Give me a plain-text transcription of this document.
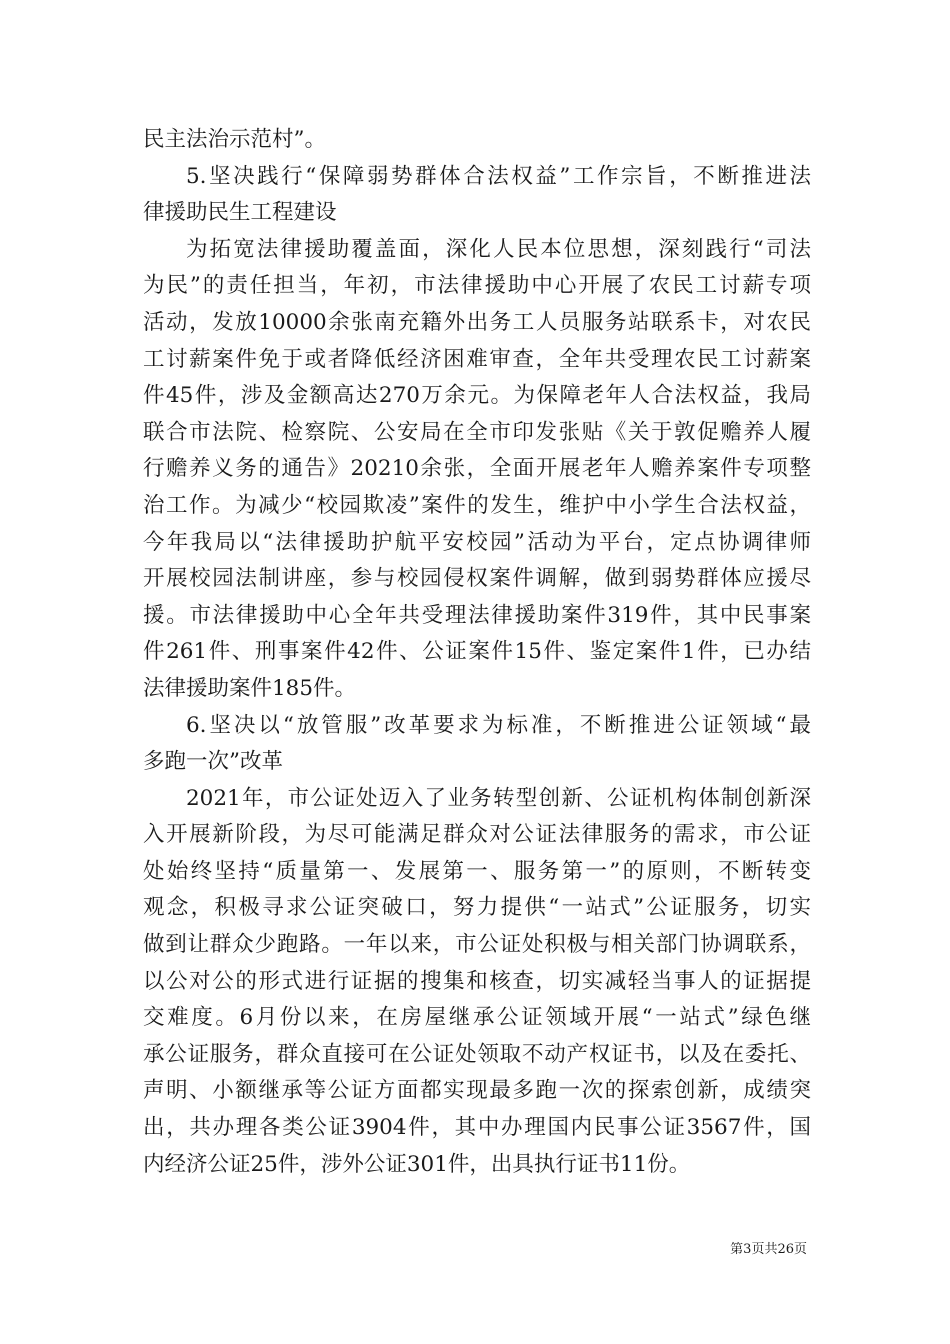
民主法治示范村”。
5.坚决践行“保障弱势群体合法权益”工作宗旨，不断推进法
律援助民生工程建设
为拓宽法律援助覆盖面，深化人民本位思想，深刻践行“司法
为民”的责任担当，年初，市法律援助中心开展了农民工讨薪专项
活动，发放10000余张南充籍外出务工人员服务站联系卡，对农民
工讨薪案件免于或者降低经济困难审查，全年共受理农民工讨薪案
件45件，涉及金额高达270万余元。为保障老年人合法权益，我局
联合市法院、检察院、公安局在全市印发张贴《关于敦促赡养人履
行赡养义务的通告》20210余张，全面开展老年人赡养案件专项整
治工作。为减少“校园欺凌”案件的发生，维护中小学生合法权益，
今年我局以“法律援助护航平安校园”活动为平台，定点协调律师
开展校园法制讲座，参与校园侵权案件调解，做到弱势群体应援尽
援。市法律援助中心全年共受理法律援助案件319件，其中民事案
件261件、刑事案件42件、公证案件15件、鉴定案件1件，已办结
法律援助案件185件。
6.坚决以“放管服”改革要求为标准，不断推进公证领域“最
多跑一次”改革
2021年，市公证处迈入了业务转型创新、公证机构体制创新深
入开展新阶段，为尽可能满足群众对公证法律服务的需求，市公证
处始终坚持“质量第一、发展第一、服务第一”的原则，不断转变
观念，积极寻求公证突破口，努力提供“一站式”公证服务，切实
做到让群众少跑路。一年以来，市公证处积极与相关部门协调联系，
以公对公的形式进行证据的搜集和核查，切实减轻当事人的证据提
交难度。6月份以来，在房屋继承公证领域开展“一站式”绿色继
承公证服务，群众直接可在公证处领取不动产权证书，以及在委托、
声明、小额继承等公证方面都实现最多跑一次的探索创新，成绩突
出，共办理各类公证3904件，其中办理国内民事公证3567件，国
内经济公证25件，涉外公证301件，出具执行证书11份。
第3页共26页
